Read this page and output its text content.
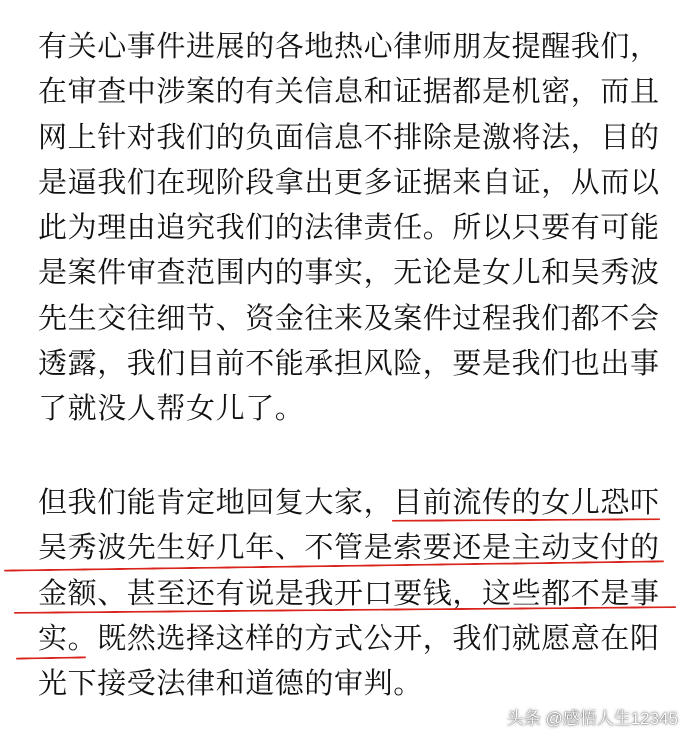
有关心事件进展的各地热心律师朋友提醒我们，
在审查中涉案的有关信息和证据都是机密，而且
网上针对我们的负面信息不排除是激将法，目的
是逼我们在现阶段拿出更多证据来自证，从而以
此为理由追究我们的法律责任。所以只要有可能
是案件审查范围内的事实，无论是女儿和吴秀波
先生交往细节、资金往来及案件过程我们都不会
透露，我们目前不能承担风险，要是我们也出事
了就没人帮女儿了。
但我们能肯定地回复大家，目前流传的女儿恐吓
吴秀波先生好几年、不管是索要还是主动支付的
金额、甚至还有说是我开口要钱，这些都不是事
实。既然选择这样的方式公开，我们就愿意在阳
光下接受法律和道德的审判。
头条 @感悟人生12345
